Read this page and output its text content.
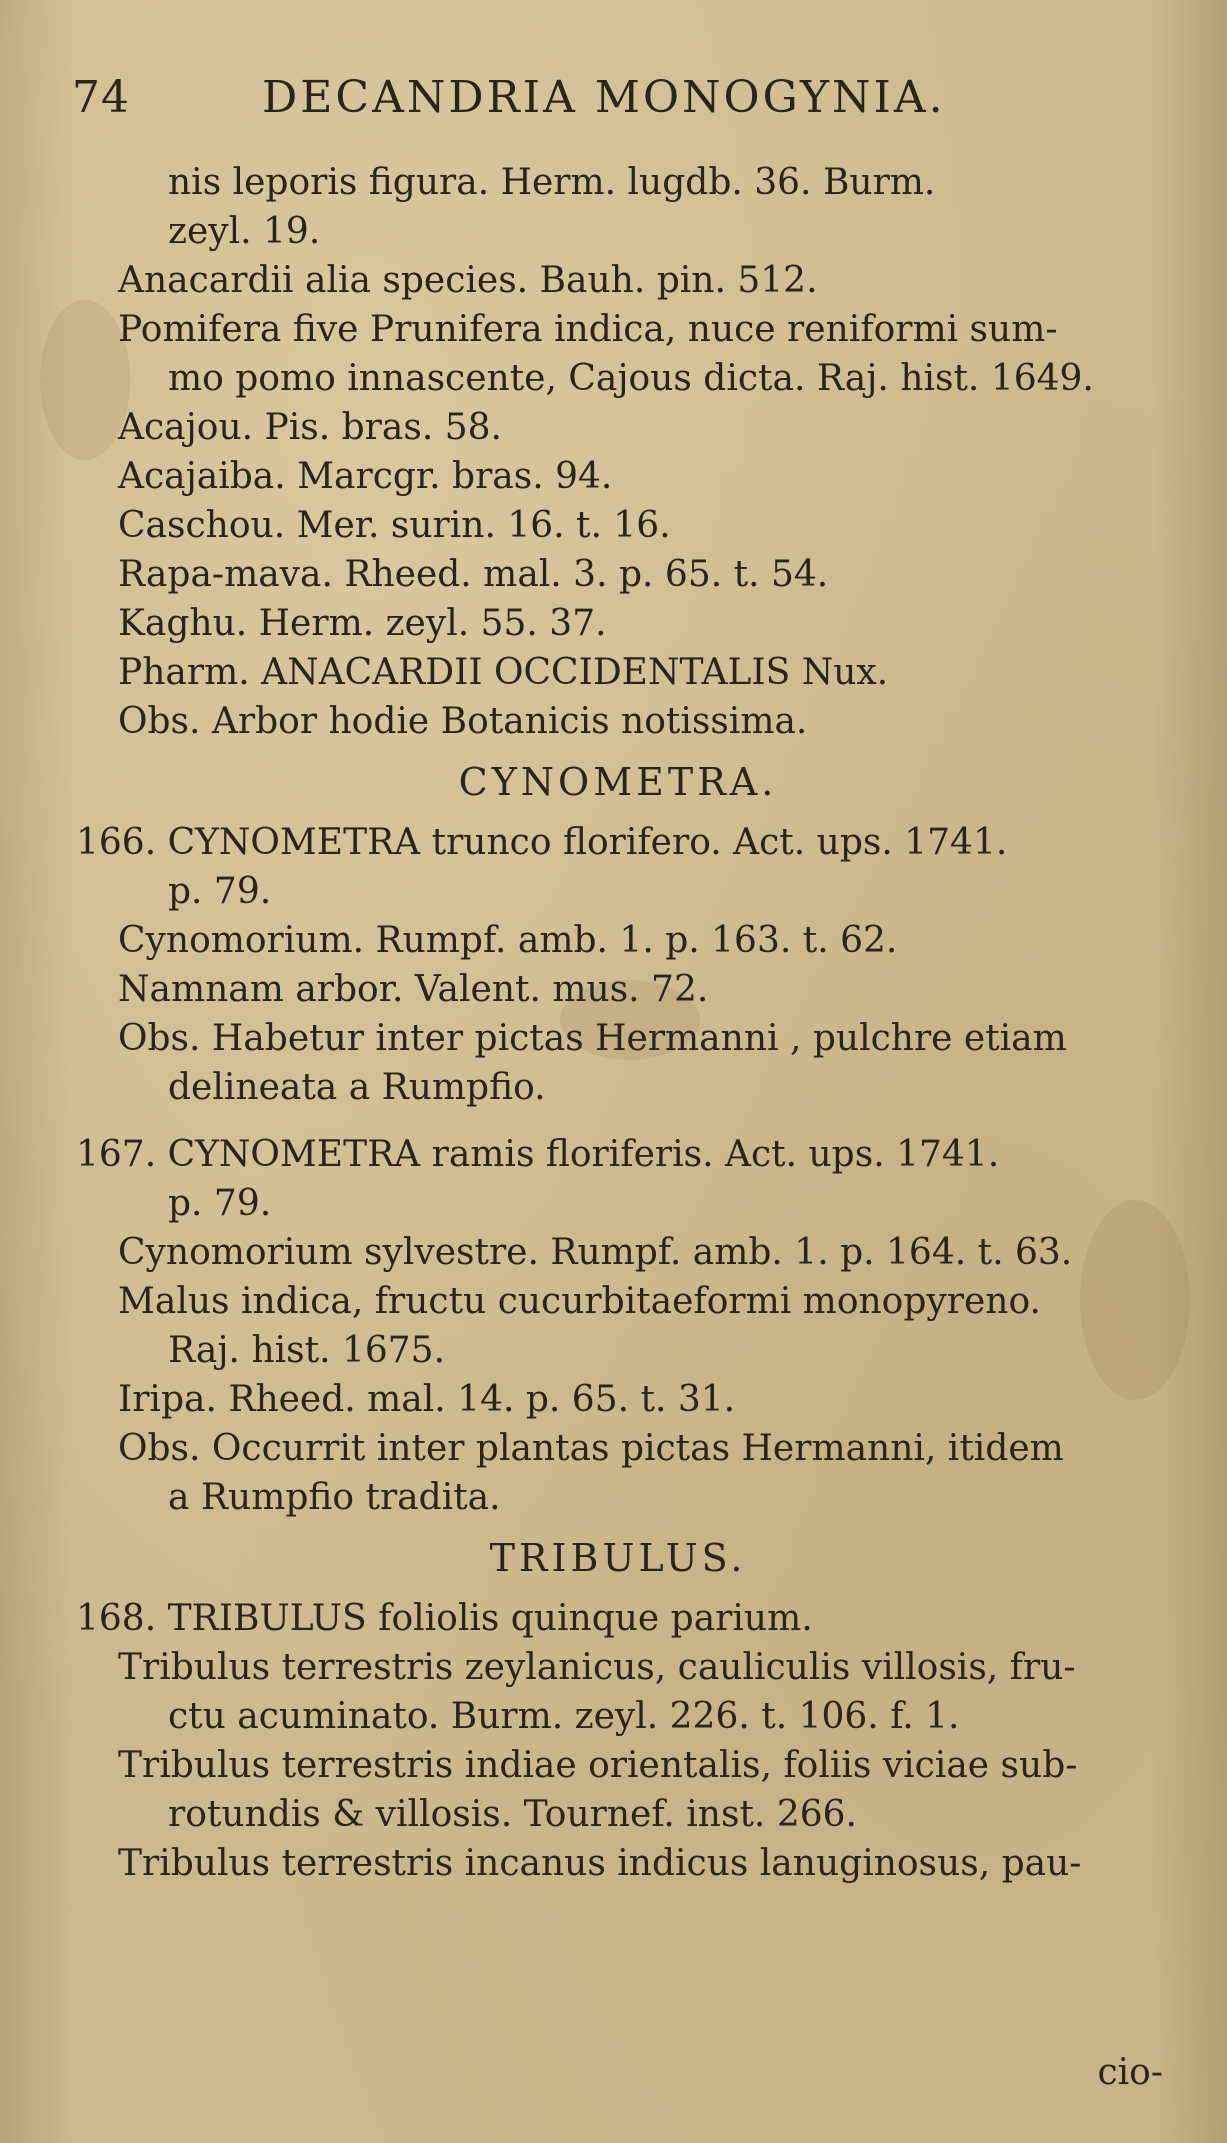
74	DECANDRIA MONOGYNIA.
nis leporis figura. Herm. lugdb. 36. Burm.
zeyl. 19.
Anacardii alia species. Bauh. pin. 512.
Pomifera five Prunifera indica, nuce reniformi sum-
mo pomo innascente, Cajous dicta. Raj. hist. 1649.
Acajou. Pis. bras. 58.
Acajaiba. Marcgr. bras. 94.
Caschou. Mer. surin. 16. t. 16.
Rapa-mava. Rheed. mal. 3. p. 65. t. 54.
Kaghu. Herm. zeyl. 55. 37.
Pharm. ANACARDII OCCIDENTALIS Nux.
Obs. Arbor hodie Botanicis notissima.
CYNOMETRA.
166. CYNOMETRA trunco florifero. Act. ups. 1741.
p. 79.
Cynomorium. Rumpf. amb. 1. p. 163. t. 62.
Namnam arbor. Valent. mus. 72.
Obs. Habetur inter pictas Hermanni , pulchre etiam
delineata a Rumpfio.
167. CYNOMETRA ramis floriferis. Act. ups. 1741.
p. 79.
Cynomorium sylvestre. Rumpf. amb. 1. p. 164. t. 63.
Malus indica, fructu cucurbitaeformi monopyreno.
Raj. hist. 1675.
Iripa. Rheed. mal. 14. p. 65. t. 31.
Obs. Occurrit inter plantas pictas Hermanni, itidem
a Rumpfio tradita.
TRIBULUS.
168. TRIBULUS foliolis quinque parium.
Tribulus terrestris zeylanicus, cauliculis villosis, fru-
ctu acuminato. Burm. zeyl. 226. t. 106. f. 1.
Tribulus terrestris indiae orientalis, foliis viciae sub-
rotundis & villosis. Tournef. inst. 266.
Tribulus terrestris incanus indicus lanuginosus, pau-
cio-
